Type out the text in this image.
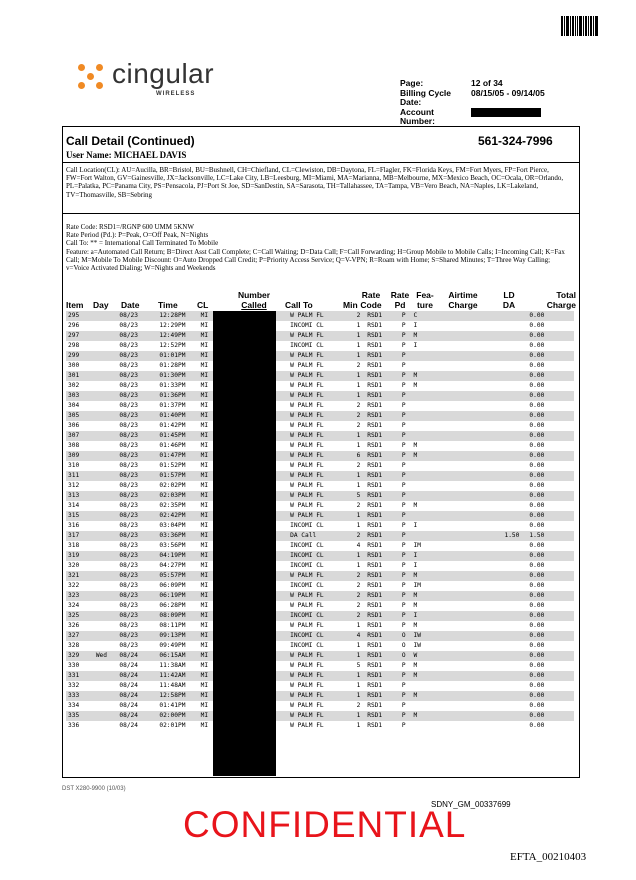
cingular
WIRELESS
Page:	12 of 34
Billing Cycle Date:
08/15/05 - 09/14/05
Account Number:
Call Detail (Continued)	561-324-7996
User Name: MICHAEL DAVIS
Call Location(CL): AU=Aucilla, BR=Bristol, BU=Bushnell, CH=Chiefland, CL=Clewiston, DB=Daytona, FL=Flagler, FK=Florida Keys, FM=Fort Myers, FP=Fort Pierce, FW=Fort Walton, GV=Gainesville, JX=Jacksonville, LC=Lake City, LB=Leesburg, MI=Miami, MA=Marianna, MB=Melbourne, MX=Mexico Beach, OC=Ocala, OR=Orlando, PL=Palatka, PC=Panama City, PS=Pensacola, PJ=Port St Joe, SD=SanDestin, SA=Sarasota, TH=Tallahassee, TA=Tampa, VB=Vero Beach, NA=Naples, LK=Lakeland, TV=Thomasville, SB=Sebring
Rate Code: RSD1=/RGNP 600 UMM 5KNW
Rate Period (Pd.): P=Peak, O=Off Peak, N=Nights
Call To: ** = International Call Terminated To Mobile
Feature: a=Automated Call Return; B=Direct Asst Call Complete; C=Call Waiting; D=Data Call; F=Call Forwarding; H=Group Mobile to Mobile Calls; I=Incoming Call; K=Fax Call; M=Mobile To Mobile Discount: O=Auto Dropped Call Credit; P=Priority Access Service; Q=V-VPN; R=Roam with Home; S=Shared Minutes; T=Three Way Calling; v=Voice Activated Dialing; W=Nights and Weekends
Item Day Date Time CL
Number
Called	Call To	Min
Rate
Code
Rate
Pd
Fea-
ture
Airtime
Charge
LD
DA
Total
Charge
295		08/23	12:28PM	MI		W PALM FL	2	RSD1	P	C			0.00
296		08/23	12:29PM	MI		INCOMI CL	1	RSD1	P	I			0.00
297		08/23	12:49PM	MI		W PALM FL	1	RSD1	P	M			0.00
298		08/23	12:52PM	MI		INCOMI CL	1	RSD1	P	I			0.00
299		08/23	01:01PM	MI		W PALM FL	1	RSD1	P				0.00
300		08/23	01:28PM	MI		W PALM FL	2	RSD1	P				0.00
301		08/23	01:30PM	MI		W PALM FL	1	RSD1	P	M			0.00
302		08/23	01:33PM	MI		W PALM FL	1	RSD1	P	M			0.00
303		08/23	01:36PM	MI		W PALM FL	1	RSD1	P				0.00
304		08/23	01:37PM	MI		W PALM FL	2	RSD1	P				0.00
305		08/23	01:40PM	MI		W PALM FL	2	RSD1	P				0.00
306		08/23	01:42PM	MI		W PALM FL	2	RSD1	P				0.00
307		08/23	01:45PM	MI		W PALM FL	1	RSD1	P				0.00
308		08/23	01:46PM	MI		W PALM FL	1	RSD1	P	M			0.00
309		08/23	01:47PM	MI		W PALM FL	6	RSD1	P	M			0.00
310		08/23	01:52PM	MI		W PALM FL	2	RSD1	P				0.00
311		08/23	01:57PM	MI		W PALM FL	1	RSD1	P				0.00
312		08/23	02:02PM	MI		W PALM FL	1	RSD1	P				0.00
313		08/23	02:03PM	MI		W PALM FL	5	RSD1	P				0.00
314		08/23	02:35PM	MI		W PALM FL	2	RSD1	P	M			0.00
315		08/23	02:42PM	MI		W PALM FL	1	RSD1	P				0.00
316		08/23	03:04PM	MI		INCOMI CL	1	RSD1	P	I			0.00
317		08/23	03:36PM	MI		DA Call	2	RSD1	P			1.50	1.50
318		08/23	03:56PM	MI		INCOMI CL	4	RSD1	P	IM			0.00
319		08/23	04:19PM	MI		INCOMI CL	1	RSD1	P	I			0.00
320		08/23	04:27PM	MI		INCOMI CL	1	RSD1	P	I			0.00
321		08/23	05:57PM	MI		W PALM FL	2	RSD1	P	M			0.00
322		08/23	06:09PM	MI		INCOMI CL	2	RSD1	P	IM			0.00
323		08/23	06:19PM	MI		W PALM FL	2	RSD1	P	M			0.00
324		08/23	06:28PM	MI		W PALM FL	2	RSD1	P	M			0.00
325		08/23	08:09PM	MI		INCOMI CL	2	RSD1	P	I			0.00
326		08/23	08:11PM	MI		W PALM FL	1	RSD1	P	M			0.00
327		08/23	09:13PM	MI		INCOMI CL	4	RSD1	O	IW			0.00
328		08/23	09:49PM	MI		INCOMI CL	1	RSD1	O	IW			0.00
329	Wed	08/24	06:15AM	MI		W PALM FL	1	RSD1	O	W			0.00
330		08/24	11:38AM	MI		W PALM FL	5	RSD1	P	M			0.00
331		08/24	11:42AM	MI		W PALM FL	1	RSD1	P	M			0.00
332		08/24	11:48AM	MI		W PALM FL	1	RSD1	P				0.00
333		08/24	12:58PM	MI		W PALM FL	1	RSD1	P	M			0.00
334		08/24	01:41PM	MI		W PALM FL	2	RSD1	P				0.00
335		08/24	02:00PM	MI		W PALM FL	1	RSD1	P	M			0.00
336		08/24	02:01PM	MI		W PALM FL	1	RSD1	P				0.00
DST X280-9900 (10/03)
SDNY_GM_00337699
CONFIDENTIAL
EFTA_00210403
